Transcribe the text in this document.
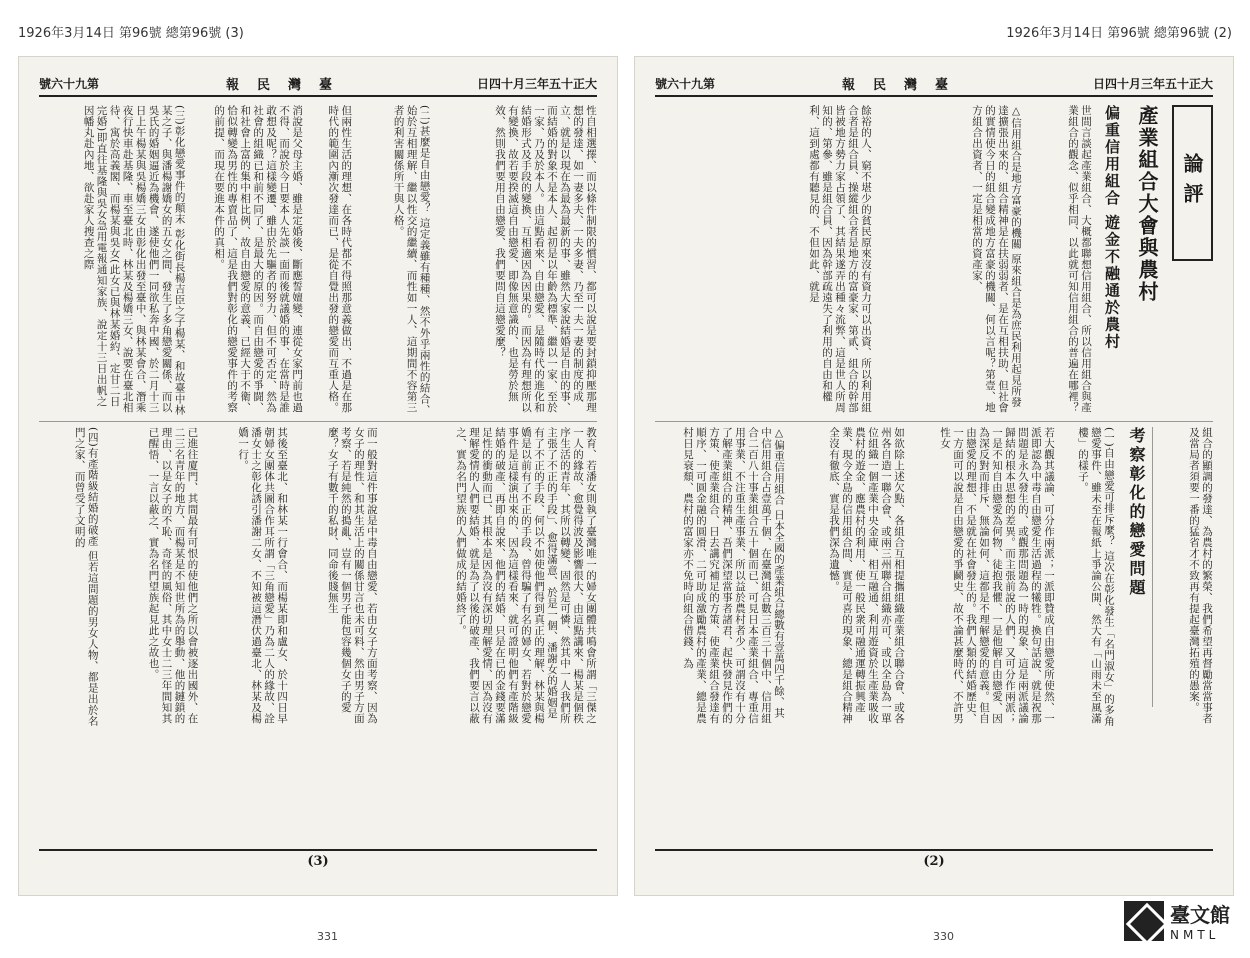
1926年3月14日 第96號 總第96號 (3)	1926年3月14日 第96號 總第96號 (2)
號六十九第	報民灣臺	日四十月三年五十正大
性自相選擇、而以條件制限的慣習、都可以說是要封鎖抑壓那理想的發達、如一妻多夫、一夫多妻、乃至一夫一妻的制度的成立、就是以現在為最為最新的事、雖然大家說結婚是自由的事、而結婚的對象不是本人、起初是以年齡為標準、繼以一家、至於一家、乃及於本人。由這點看來、自由戀愛、是隨時代的進化和結婚形式及手段的變換、互相適因為因果的。而因為有理想所以有變換、故若要揆滅這自由戀愛、即像無意識的、也是勞於無效、然則我們要用自由戀愛、我們要問自這戀愛麼？
(二)甚麼是自由戀愛？ 這定義雖有種種、然不外乎兩性的結合、始於互相理解、繼以性交的繼續、而性如一人、這期間不容第三者的利害關係所干與人格。
但兩性生活的理想、在各時代都不得照那意義做出、不過是在那時代的範圍內漸次發達而已、是從自覺出發的戀愛而互重人格。
消說是父母主婚、雖是定婚後、斷應誓嬗變、連從女家門前也過不得、而說於今日要本人先談一面而後就議婚的事、在當時是誰敢想及呢？這樣變遷、雖由於先驅者的努力、但不可否定、然為社會的組織已和前不同了、是最大的原因。而自由戀愛的爭闘、和社會上富的集中相比例、故自由戀愛的意義、已經大于不衛、恰似轉變為男性的專賣品了、這是我們對彰化的戀愛事件的考察的前提、而現在要進本件的真相。
(三)彰化戀愛事件的顛末 彰化街長楊吉臣之子楊某、和故臺中林某之子、與潘楊謝嬌女的五女之間、發生了多角戀愛關係、而以吳氏的婚姻逼近為機會、遂使他們一同欲私奔中國、於二月十三日上午楊某與吳楊嬌三女由彰化出發至臺中、與林某會合、潛乘夜行快車赴基隆、車至臺北時、林某及楊嬌三女、說要在臺北相待、寓於高義閣、而楊某與吳女(此女已與林某婚約、定甘二日完婚)即直往基隆與吳女急用電報通知家族、說定十三日出帆之因幡丸赴內地、欲赴家人搜查之際
教育、若潘女則執了臺灣唯一的婦女團體共鳴會所謂「三傑之一人的緣故、愈覺得波及影響很大、由這點講來、楊某是個秩序生活的青年、其所以轉變、固然是可憐、然其中一人我們所主張了不正的手段」、愈得滿意、於是一個、潘謝女的婚姻是有了不正的手段、何以不如使他們得到真正的理解、林某與楊嬌是以前有了不正的手段、曾得騙了有名的婦女、若對於戀愛事件是這樣演出來的、因為這樣看來、就可證明他們有產階級結婚的破產、再即自說來、他們的結婚、只是在已的金錢要滿足性的衝動而已、其根本是因為沒有深切理解愛情、因為沒有理解愛情的人們要結婚、就是為了以後的破產、我們要言以蔽之、實為名門望族的人們做成的結婚終了。
而一般對這件事說是中毒自由戀愛、若由女子方面考察、因為女子的理性、和其生活上的關係甘言也未可料、然由男子方面考察、若是純然的搗亂、豈有一個男子能包容幾個女子的愛麼？女子有數千的私財、同命後賤無生
其後至臺北、和林某一行會合、而楊某即和盧女、於十四日早朝婦女團体共圖合作耳所謂「三角戀愛」乃為二人的緣故、詮潘女士之彰化誘引潘謝二女、不知被這潛伏過臺北、林某及楊嬌一行。
已進往廈門、其間最有可恨的使他們之所以會被逐出國外、在二三名青年的地方、而楊某是不知世所為的舉動、他的鏈鎖的理由、以是女子的不恥、奇怪的風俗、其中女士二三年間知其已醒悟、一言以蔽之、實為名門望族起見此之故也。
(四)有產階級結婚的破產 但若這問題的男女人物、都是出於名門之家、而曾受了文明的
(3)
號六十九第	報民灣臺	日四十月三年五十正大
論評
產業組合大會與農村
偏重信用組合 遊金不融通於農村
世間言談起產業組合、大概都聯想信用組合、所以信用組合與產業組合的觀念、似乎相同、以此就可知信用組合的普遍在哪裡？
△信用組合是地方富豪的機關 原來組合是為庶民利用起見所發達擴張出來的、組合精神是在扶弱弱者、是在互相扶助、但社會的實情使今日的組合變成地方富豪的機關、何以言呢？第壹、地方組合出資者、一定是相當的資產家、
餘裕的人、窮不堪少的貧民原來沒有資力可以出資、所以利用組合者是組合員、操縱組合者是地方的富豪家、第貳、組合的幹部皆被地方勢力家占領了、其結果遂弄出種々流弊、這是世人所周知的、第參、雖是組合員、因為幹部疏遠失了利用的自由和權利、這到處都有聽見的、不但如此、就是
組合的顯調的發達、為農村的繁榮、我們希望再督勵當當事者及當局者須要一番的猛省才不致再有提起臺灣拓殖的愚案。
考察彰化的戀愛問題
(一)自由戀愛可排斥麼？ 這次在彰化發生「名門淑女」的多角戀愛事件、雖未至在報紙上爭論公開、然大有「山雨未至風滿樓」的樣子。
若大觀其議論、可分作兩派；一派即贊成自由戀愛所使然、一派即認為中毒自由戀愛生活過程的犧牲。換句話說、就是祝那問題是永久發生的、或觀那問題為一時的現象、這是兩派議論歸結的根本思想的差異。而主張前說的人們、又可分作兩派；一是不知自由戀愛為何物、徒抱我懼、一是他解自由戀愛、因為深反對而排斥、無論如何、這都是不理解戀愛的意義。但自由戀愛的理想、不是就在社會發生的。我們人類的結婚歷史、一方面可以說是自由戀愛的爭鬬史、故不論甚麼時代、不許男性女
如欲除上述欠點、各組合互相提攜組織產業組合聯合會、或各州各自造一聯合會、或兩三州聯合組織亦可、或以全島為一單位組織一個產業中央金庫、相互融通、利用遊資於生產業吸收農村的遊金、應農村的利用、使一般民衆可融通運轉振興產業、現今全島的信用組合間、實是可喜的現象、總是組合精神全沒有徹底、實是我們深為遺憾。
△偏重信用組合 日本全國的產業組合總數有壹萬四千餘、其中信用組合占壹萬千個、在臺灣組合數三百三十個中、信用組合二百八十事業組合五十個而已、可見日本產業組合、專重信用事業、不注重生產事業、所以益於農村者少、可謂沒有十分了解產業組合的精神、吾們深望當事者諸君、起快發見作們的方策、使產業組合、日去講究補足的方策、使產業組合發達有順序、一可圓金融的圓滑、二可助成激勵農村的產業、總是農村日見衰頹、農村的富家亦不免時向組合借錢、為
(2)
331	330
臺文館
NMTL
